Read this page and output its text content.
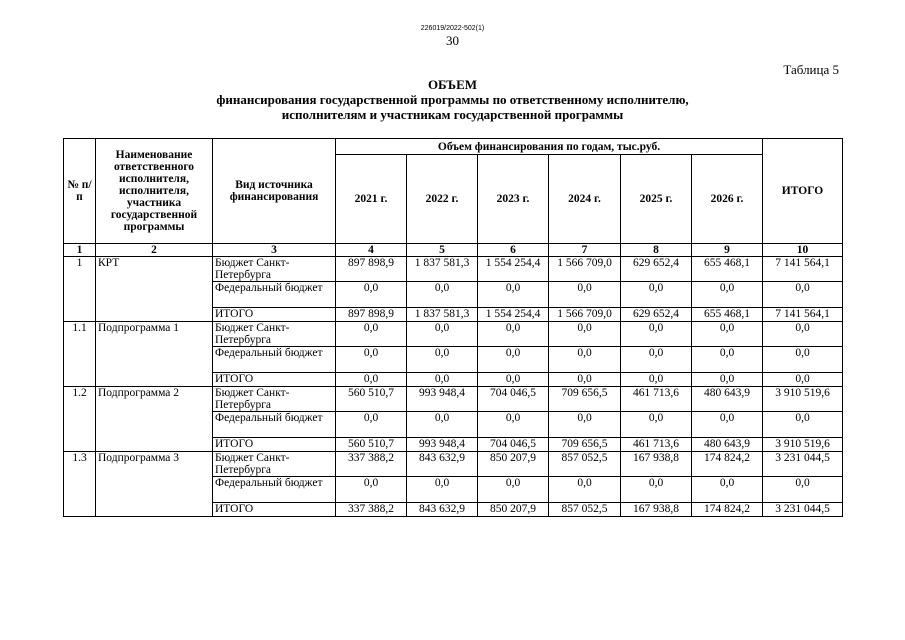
226019/2022-502(1)
30
Таблица 5
ОБЪЕМ
финансирования государственной программы по ответственному исполнителю,
исполнителям и участникам государственной программы
№ п/п	Наименование ответственного исполнителя, исполнителя, участника государственной программы	Вид источника финансирования	Объем финансирования по годам, тыс.руб.						ИТОГО
			2021 г.	2022 г.	2023 г.	2024 г.	2025 г.	2026 г.	
1	2	3	4	5	6	7	8	9	10
1	КРТ	Бюджет Санкт-Петербурга	897 898,9	1 837 581,3	1 554 254,4	1 566 709,0	629 652,4	655 468,1	7 141 564,1
		Федеральный бюджет	0,0	0,0	0,0	0,0	0,0	0,0	0,0
		ИТОГО	897 898,9	1 837 581,3	1 554 254,4	1 566 709,0	629 652,4	655 468,1	7 141 564,1
1.1	Подпрограмма 1	Бюджет Санкт-Петербурга	0,0	0,0	0,0	0,0	0,0	0,0	0,0
		Федеральный бюджет	0,0	0,0	0,0	0,0	0,0	0,0	0,0
		ИТОГО	0,0	0,0	0,0	0,0	0,0	0,0	0,0
1.2	Подпрограмма 2	Бюджет Санкт-Петербурга	560 510,7	993 948,4	704 046,5	709 656,5	461 713,6	480 643,9	3 910 519,6
		Федеральный бюджет	0,0	0,0	0,0	0,0	0,0	0,0	0,0
		ИТОГО	560 510,7	993 948,4	704 046,5	709 656,5	461 713,6	480 643,9	3 910 519,6
1.3	Подпрограмма 3	Бюджет Санкт-Петербурга	337 388,2	843 632,9	850 207,9	857 052,5	167 938,8	174 824,2	3 231 044,5
		Федеральный бюджет	0,0	0,0	0,0	0,0	0,0	0,0	0,0
		ИТОГО	337 388,2	843 632,9	850 207,9	857 052,5	167 938,8	174 824,2	3 231 044,5
